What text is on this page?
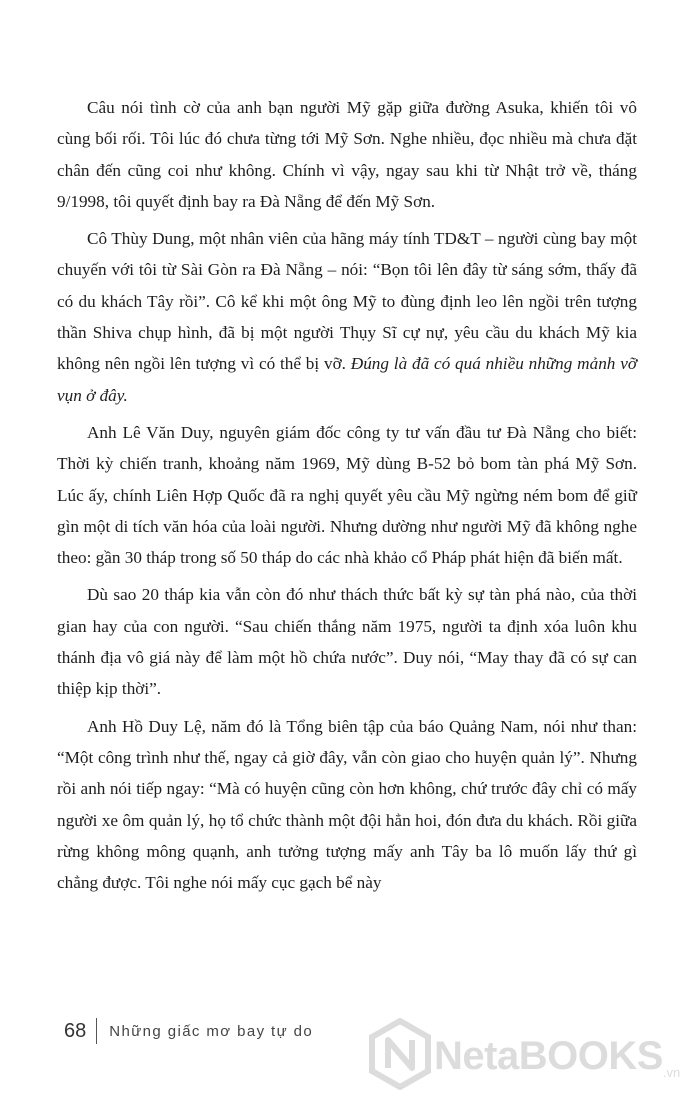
Câu nói tình cờ của anh bạn người Mỹ gặp giữa đường Asuka, khiến tôi vô cùng bối rối. Tôi lúc đó chưa từng tới Mỹ Sơn. Nghe nhiều, đọc nhiều mà chưa đặt chân đến cũng coi như không. Chính vì vậy, ngay sau khi từ Nhật trở về, tháng 9/1998, tôi quyết định bay ra Đà Nẵng để đến Mỹ Sơn.

Cô Thùy Dung, một nhân viên của hãng máy tính TD&T – người cùng bay một chuyến với tôi từ Sài Gòn ra Đà Nẵng – nói: “Bọn tôi lên đây từ sáng sớm, thấy đã có du khách Tây rồi”. Cô kể khi một ông Mỹ to đùng định leo lên ngồi trên tượng thần Shiva chụp hình, đã bị một người Thụy Sĩ cự nự, yêu cầu du khách Mỹ kia không nên ngồi lên tượng vì có thể bị vỡ. Đúng là đã có quá nhiều những mảnh vỡ vụn ở đây.

Anh Lê Văn Duy, nguyên giám đốc công ty tư vấn đầu tư Đà Nẵng cho biết: Thời kỳ chiến tranh, khoảng năm 1969, Mỹ dùng B-52 bỏ bom tàn phá Mỹ Sơn. Lúc ấy, chính Liên Hợp Quốc đã ra nghị quyết yêu cầu Mỹ ngừng ném bom để giữ gìn một di tích văn hóa của loài người. Nhưng dường như người Mỹ đã không nghe theo: gần 30 tháp trong số 50 tháp do các nhà khảo cổ Pháp phát hiện đã biến mất.

Dù sao 20 tháp kia vẫn còn đó như thách thức bất kỳ sự tàn phá nào, của thời gian hay của con người. “Sau chiến thắng năm 1975, người ta định xóa luôn khu thánh địa vô giá này để làm một hồ chứa nước”. Duy nói, “May thay đã có sự can thiệp kịp thời”.

Anh Hồ Duy Lệ, năm đó là Tổng biên tập của báo Quảng Nam, nói như than: “Một công trình như thế, ngay cả giờ đây, vẫn còn giao cho huyện quản lý”. Nhưng rồi anh nói tiếp ngay: “Mà có huyện cũng còn hơn không, chứ trước đây chỉ có mấy người xe ôm quản lý, họ tổ chức thành một đội hẳn hoi, đón đưa du khách. Rồi giữa rừng không mông quạnh, anh tưởng tượng mấy anh Tây ba lô muốn lấy thứ gì chẳng được. Tôi nghe nói mấy cục gạch bể này

68 Những giấc mơ bay tự do
NetaBOOKS .vn
